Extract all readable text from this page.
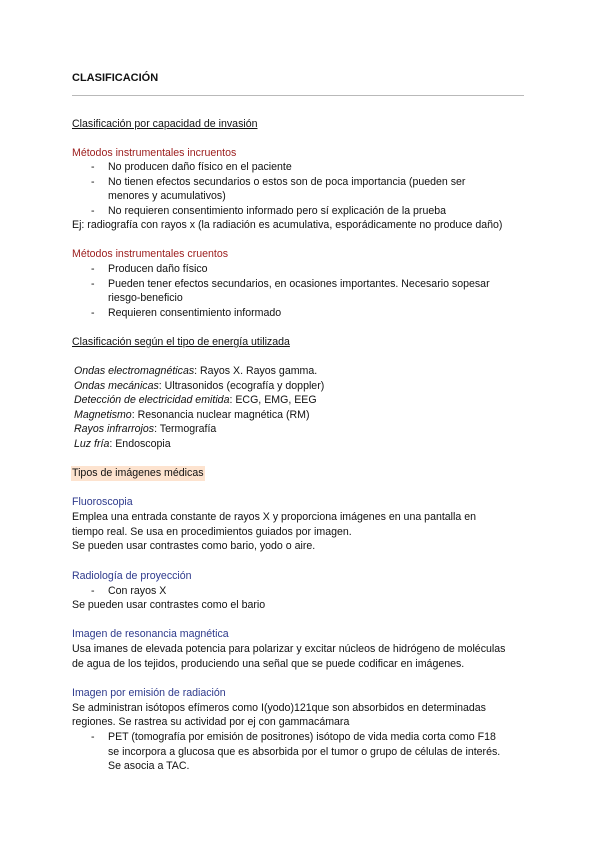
CLASIFICACIÓN
Clasificación por capacidad de invasión
Métodos instrumentales incruentos
- No producen daño físico en el paciente
- No tienen efectos secundarios o estos son de poca importancia (pueden ser
menores y acumulativos)
- No requieren consentimiento informado pero sí explicación de la prueba
Ej: radiografía con rayos x (la radiación es acumulativa, esporádicamente no produce daño)
Métodos instrumentales cruentos
- Producen daño físico
- Pueden tener efectos secundarios, en ocasiones importantes. Necesario sopesar
riesgo-beneficio
- Requieren consentimiento informado
Clasificación según el tipo de energía utilizada
Ondas electromagnéticas: Rayos X. Rayos gamma.
Ondas mecánicas: Ultrasonidos (ecografía y doppler)
Detección de electricidad emitida: ECG, EMG, EEG
Magnetismo: Resonancia nuclear magnética (RM)
Rayos infrarrojos: Termografía
Luz fría: Endoscopia
Tipos de imágenes médicas
Fluoroscopia
Emplea una entrada constante de rayos X y proporciona imágenes en una pantalla en
tiempo real. Se usa en procedimientos guiados por imagen.
Se pueden usar contrastes como bario, yodo o aire.
Radiología de proyección
- Con rayos X
Se pueden usar contrastes como el bario
Imagen de resonancia magnética
Usa imanes de elevada potencia para polarizar y excitar núcleos de hidrógeno de moléculas
de agua de los tejidos, produciendo una señal que se puede codificar en imágenes.
Imagen por emisión de radiación
Se administran isótopos efímeros como I(yodo)121que son absorbidos en determinadas
regiones. Se rastrea su actividad por ej con gammacámara
- PET (tomografía por emisión de positrones) isótopo de vida media corta como F18
se incorpora a glucosa que es absorbida por el tumor o grupo de células de interés.
Se asocia a TAC.
